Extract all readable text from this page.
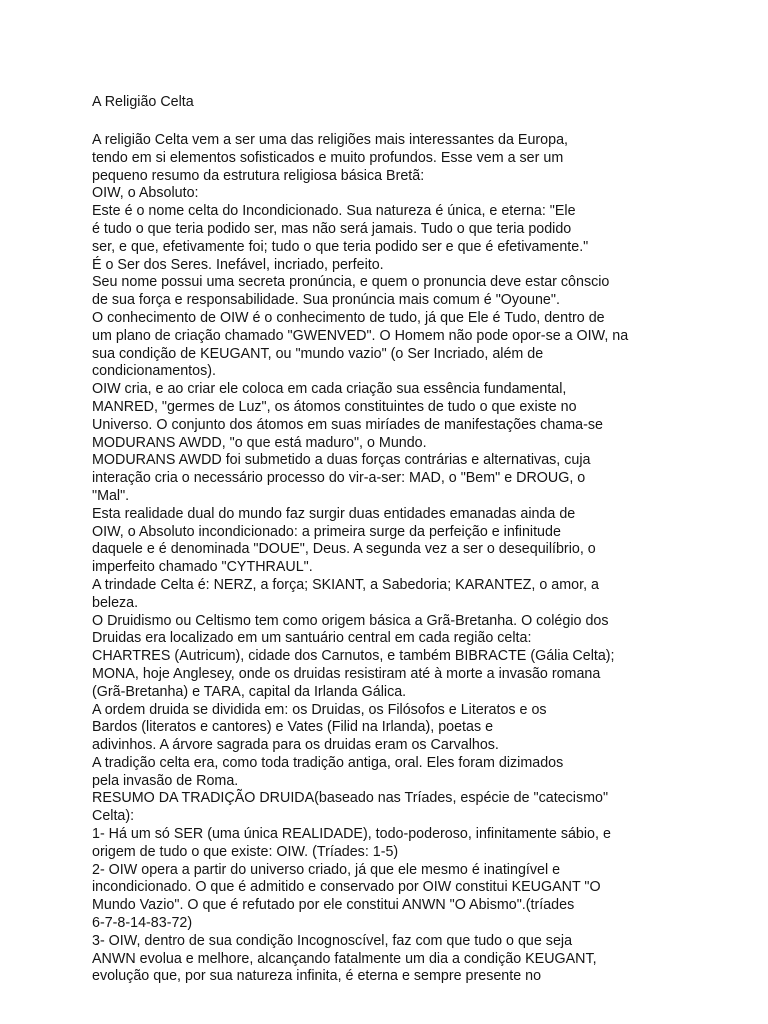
A Religião Celta
A religião Celta vem a ser uma das religiões mais interessantes da Europa,
tendo em si elementos sofisticados e muito profundos. Esse vem a ser um
pequeno resumo da estrutura religiosa básica Bretã:
OIW, o Absoluto:
Este é o nome celta do Incondicionado. Sua natureza é única, e eterna: "Ele
é tudo o que teria podido ser, mas não será jamais. Tudo o que teria podido
ser, e que, efetivamente foi; tudo o que teria podido ser e que é efetivamente."
É o Ser dos Seres. Inefável, incriado, perfeito.
Seu nome possui uma secreta pronúncia, e quem o pronuncia deve estar cônscio
de sua força e responsabilidade. Sua pronúncia mais comum é "Oyoune".
O conhecimento de OIW é o conhecimento de tudo, já que Ele é Tudo, dentro de
um plano de criação chamado "GWENVED". O Homem não pode opor-se a OIW, na
sua condição de KEUGANT, ou "mundo vazio" (o Ser Incriado, além de
condicionamentos).
OIW cria, e ao criar ele coloca em cada criação sua essência fundamental,
MANRED, "germes de Luz", os átomos constituintes de tudo o que existe no
Universo. O conjunto dos átomos em suas miríades de manifestações chama-se
MODURANS AWDD, "o que está maduro", o Mundo.
MODURANS AWDD foi submetido a duas forças contrárias e alternativas, cuja
interação cria o necessário processo do vir-a-ser: MAD, o "Bem" e DROUG, o
"Mal".
Esta realidade dual do mundo faz surgir duas entidades emanadas ainda de
OIW, o Absoluto incondicionado: a primeira surge da perfeição e infinitude
daquele e é denominada "DOUE", Deus. A segunda vez a ser o desequilíbrio, o
imperfeito chamado "CYTHRAUL".
A trindade Celta é: NERZ, a força; SKIANT, a Sabedoria; KARANTEZ, o amor, a
beleza.
O Druidismo ou Celtismo tem como origem básica a Grã-Bretanha. O colégio dos
Druidas era localizado em um santuário central em cada região celta:
CHARTRES (Autricum), cidade dos Carnutos, e também BIBRACTE (Gália Celta);
MONA, hoje Anglesey, onde os druidas resistiram até à morte a invasão romana
(Grã-Bretanha) e TARA, capital da Irlanda Gálica.
A ordem druida se dividida em: os Druidas, os Filósofos e Literatos e os
Bardos (literatos e cantores) e Vates (Filid na Irlanda), poetas e
adivinhos. A árvore sagrada para os druidas eram os Carvalhos.
A tradição celta era, como toda tradição antiga, oral. Eles foram dizimados
pela invasão de Roma.
RESUMO DA TRADIÇÃO DRUIDA(baseado nas Tríades, espécie de "catecismo"
Celta):
1- Há um só SER (uma única REALIDADE), todo-poderoso, infinitamente sábio, e
origem de tudo o que existe: OIW. (Tríades: 1-5)
2- OIW opera a partir do universo criado, já que ele mesmo é inatingível e
incondicionado. O que é admitido e conservado por OIW constitui KEUGANT "O
Mundo Vazio". O que é refutado por ele constitui ANWN "O Abismo".(tríades
6-7-8-14-83-72)
3- OIW, dentro de sua condição Incognoscível, faz com que tudo o que seja
ANWN evolua e melhore, alcançando fatalmente um dia a condição KEUGANT,
evolução que, por sua natureza infinita, é eterna e sempre presente no
